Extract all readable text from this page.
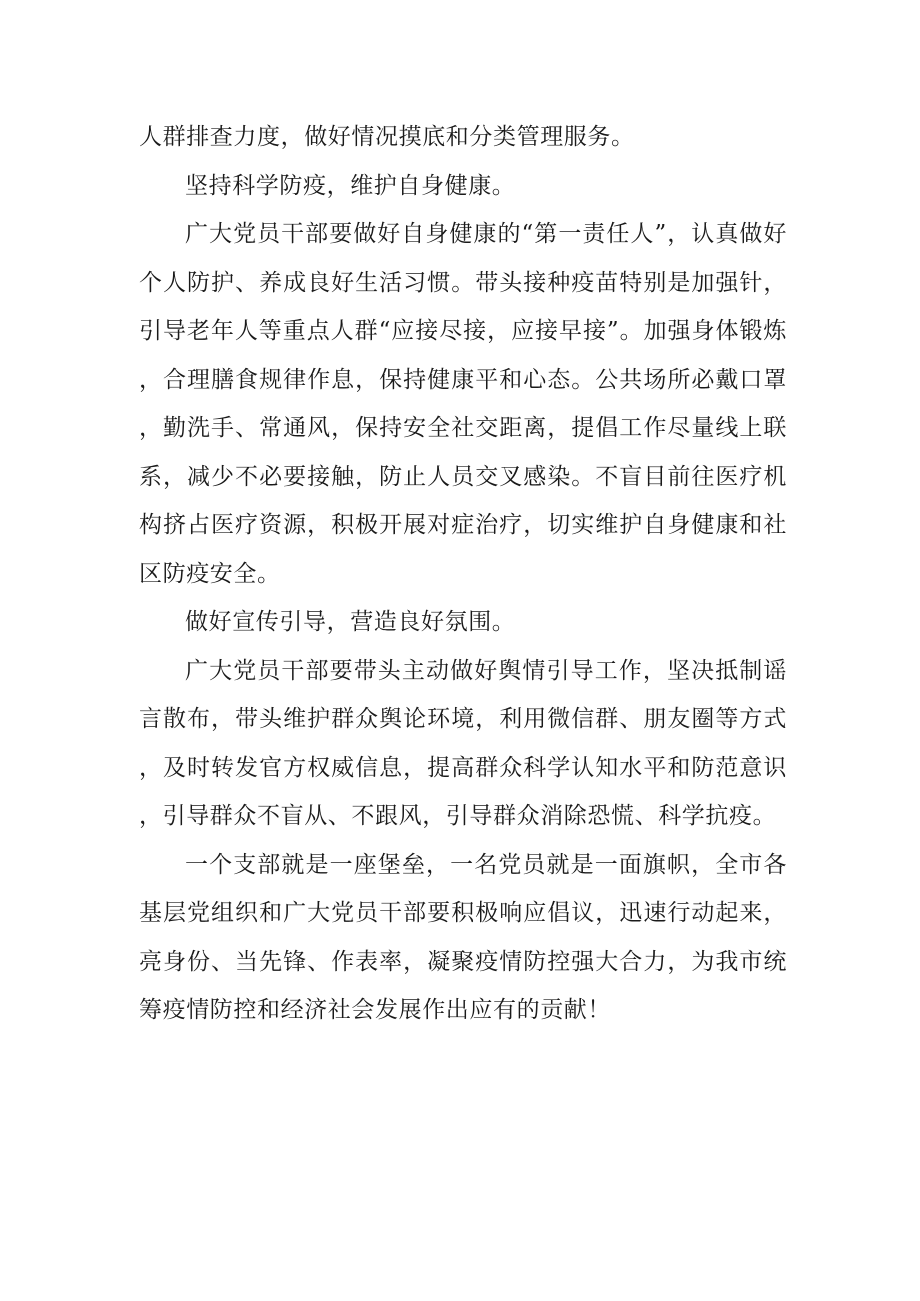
人群排查力度，做好情况摸底和分类管理服务。

坚持科学防疫，维护自身健康。

广大党员干部要做好自身健康的“第一责任人”，认真做好个人防护、养成良好生活习惯。带头接种疫苗特别是加强针，引导老年人等重点人群“应接尽接，应接早接”。加强身体锻炼，合理膳食规律作息，保持健康平和心态。公共场所必戴口罩，勤洗手、常通风，保持安全社交距离，提倡工作尽量线上联系，减少不必要接触，防止人员交叉感染。不盲目前往医疗机构挤占医疗资源，积极开展对症治疗，切实维护自身健康和社区防疫安全。

做好宣传引导，营造良好氛围。

广大党员干部要带头主动做好舆情引导工作，坚决抵制谣言散布，带头维护群众舆论环境，利用微信群、朋友圈等方式，及时转发官方权威信息，提高群众科学认知水平和防范意识，引导群众不盲从、不跟风，引导群众消除恐慌、科学抗疫。

一个支部就是一座堡垒，一名党员就是一面旗帜，全市各基层党组织和广大党员干部要积极响应倡议，迅速行动起来，亮身份、当先锋、作表率，凝聚疫情防控强大合力，为我市统筹疫情防控和经济社会发展作出应有的贡献！
